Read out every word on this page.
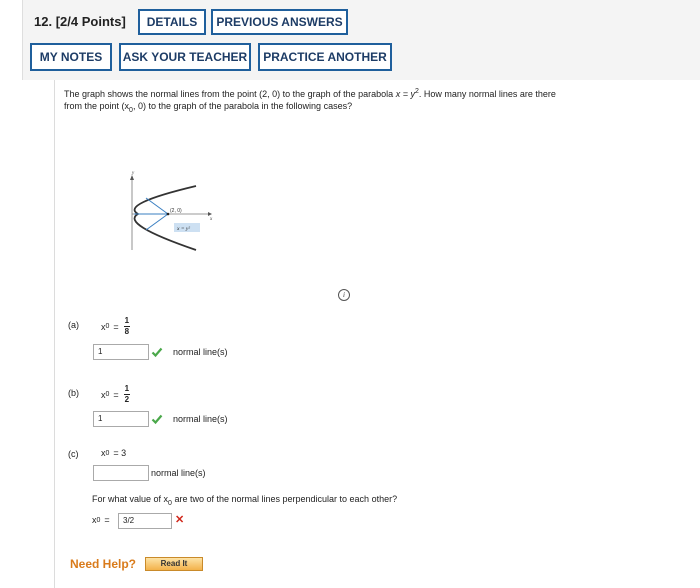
12. [2/4 Points]	DETAILS	PREVIOUS ANSWERS
MY NOTES	ASK YOUR TEACHER	PRACTICE ANOTHER
The graph shows the normal lines from the point (2, 0) to the graph of the parabola $x = y^2$. How many normal lines are there
from the point ($x_0$, 0) to the graph of the parabola in the following cases?
y
x
(2, 0)
x = y²
i
(a) x $0 = \frac{1}{8}$
1	normal line(s)
(b) x $0 = \frac{1}{2}$
1	normal line(s)
(c)	x 0 = 3
normal line(s)
For what value of $x_0$ are two of the normal lines perpendicular to each other?
x 0 =	3/2	✕
Need Help?	Read It
